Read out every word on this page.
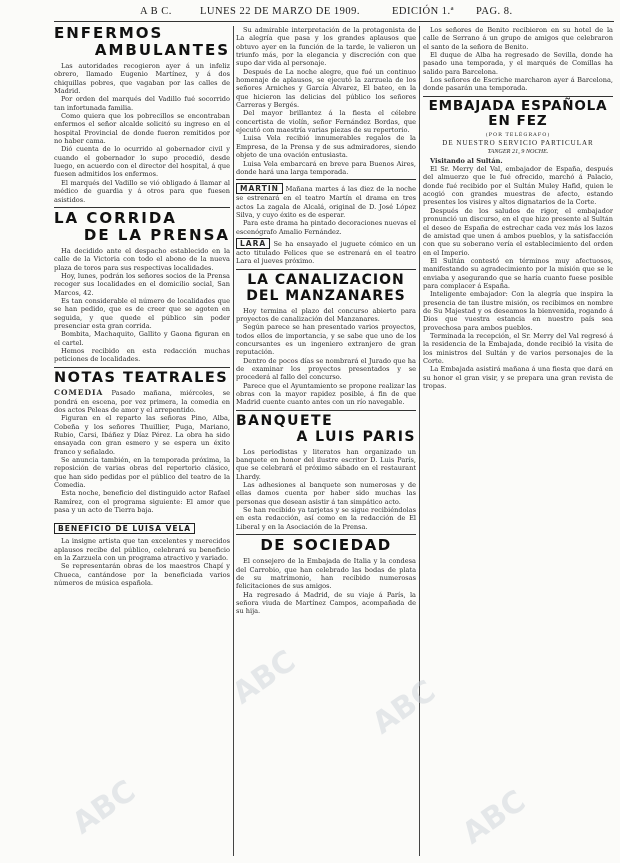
A B C.	LUNES 22 DE MARZO DE 1909.	EDICIÓN 1.ª PAG. 8.
ENFERMOS
AMBULANTES

Las autoridades recogieron ayer á un infeliz obrero, llamado Eugenio Martínez, y á dos chiquillas pobres, que vagaban por las calles de Madrid.

Por orden del marqués del Vadillo fué socorrido tan infortunada familia.

Como quiera que los pobrecillos se encontraban enfermos el señor alcalde solicitó su ingreso en el hospital Provincial de donde fueron remitidos por no haber cama.

Dió cuenta de lo ocurrido al gobernador civil y cuando el gobernador lo supo procedió, desde luego, en acuerdo con el director del hospital, á que fuesen admitidos los enfermos.

El marqués del Vadillo se vió obligado á llamar al médico de guardia y á otros para que fuesen asistidos.

LA CORRIDA
DE LA PRENSA

Ha decidido ante el despacho establecido en la calle de la Victoria con todo el abono de la nueva plaza de toros para sus respectivas localidades.

Hoy, lunes, podrán los señores socios de la Prensa recoger sus localidades en el domicilio social, San Marcos, 42.

Es tan considerable el número de localidades que se han pedido, que es de creer que se agoten en seguida, y que quede el público sin poder presenciar esta gran corrida.

Bombita, Machaquito, Gallito y Gaona figuran en el cartel.

Hemos recibido en esta redacción muchas peticiones de localidades.

NOTAS TEATRALES

COMEDIA Pasado mañana, miércoles, se pondrá en escena, por vez primera, la comedia en dos actos Peleas de amor y el arrepentido.

Figuran en el reparto las señoras Pino, Alba, Cobeña y los señores Thuillier, Puga, Mariano, Rubio, Carsi, Ibáñez y Díaz Pérez. La obra ha sido ensayada con gran esmero y se espera un éxito franco y señalado.

Se anuncia también, en la temporada próxima, la reposición de varias obras del repertorio clásico, que han sido pedidas por el público del teatro de la Comedia.

Esta noche, beneficio del distinguido actor Rafael Ramírez, con el programa siguiente: El amor que pasa y un acto de Tierra baja.

BENEFICIO DE LUISA VELA

La insigne artista que tan excelentes y merecidos aplausos recibe del público, celebrará su beneficio en la Zarzuela con un programa atractivo y variado.

Se representarán obras de los maestros Chapí y Chueca, cantándose por la beneficiada varios números de música española.

Su admirable interpretación de la protagonista de La alegría que pasa y los grandes aplausos que obtuvo ayer en la función de la tarde, le valieron un triunfo más, por la elegancia y discreción con que supo dar vida al personaje.

Después de La noche alegre, que fué un continuo homenaje de aplausos, se ejecutó la zarzuela de los señores Arniches y García Álvarez, El bateo, en la que hicieron las delicias del público los señores Carreras y Bergés.

Del mayor brillantez á la fiesta el célebre concertista de violín, señor Fernández Bordas, que ejecutó con maestría varias piezas de su repertorio.

Luisa Vela recibió innumerables regalos de la Empresa, de la Prensa y de sus admiradores, siendo objeto de una ovación entusiasta.

Luisa Vela embarcará en breve para Buenos Aires, donde hará una larga temporada.

MARTIN Mañana martes á las diez de la noche se estrenará en el teatro Martín el drama en tres actos La zagala de Alcalá, original de D. José López Silva, y cuyo éxito es de esperar.

Para este drama ha pintado decoraciones nuevas el escenógrafo Amalio Fernández.

LARA Se ha ensayado el juguete cómico en un acto titulado Felices que se estrenará en el teatro Lara el jueves próximo.

LA CANALIZACION
DEL MANZANARES

Hoy termina el plazo del concurso abierto para proyectos de canalización del Manzanares.

Según parece se han presentado varios proyectos, todos ellos de importancia, y se sabe que uno de los concursantes es un ingeniero extranjero de gran reputación.

Dentro de pocos días se nombrará el Jurado que ha de examinar los proyectos presentados y se procederá al fallo del concurso.

Parece que el Ayuntamiento se propone realizar las obras con la mayor rapidez posible, á fin de que Madrid cuente cuanto antes con un río navegable.

BANQUETE
A LUIS PARIS

Los periodistas y literatos han organizado un banquete en honor del ilustre escritor D. Luis París, que se celebrará el próximo sábado en el restaurant Lhardy.

Las adhesiones al banquete son numerosas y de ellas damos cuenta por haber sido muchas las personas que desean asistir á tan simpático acto.

Se han recibido ya tarjetas y se sigue recibiéndolas en esta redacción, así como en la redacción de El Liberal y en la Asociación de la Prensa.

DE SOCIEDAD

El consejero de la Embajada de Italia y la condesa del Carrobio, que han celebrado las bodas de plata de su matrimonio, han recibido numerosas felicitaciones de sus amigos.

Ha regresado á Madrid, de su viaje á París, la señora viuda de Martínez Campos, acompañada de su hija.

Los señores de Benito recibieron en su hotel de la calle de Serrano á un grupo de amigos que celebraron el santo de la señora de Benito.

El duque de Alba ha regresado de Sevilla, donde ha pasado una temporada, y el marqués de Comillas ha salido para Barcelona.

Los señores de Escriche marcharon ayer á Barcelona, donde pasarán una temporada.

EMBAJADA ESPAÑOLA
EN FEZ
(POR TELÉGRAFO)
DE NUESTRO SERVICIO PARTICULAR
TANGER 21, 9 NOCHE.

Visitando al Sultán.

El Sr. Merry del Val, embajador de España, después del almuerzo que le fué ofrecido, marchó á Palacio, donde fué recibido por el Sultán Muley Hafid, quien le acogió con grandes muestras de afecto, estando presentes los visires y altos dignatarios de la Corte.

Después de los saludos de rigor, el embajador pronunció un discurso, en el que hizo presente al Sultán el deseo de España de estrechar cada vez más los lazos de amistad que unen á ambos pueblos, y la satisfacción con que su soberano vería el establecimiento del orden en el Imperio.

El Sultán contestó en términos muy afectuosos, manifestando su agradecimiento por la misión que se le enviaba y asegurando que se haría cuanto fuese posible para complacer á España.

Inteligente embajador: Con la alegría que inspira la presencia de tan ilustre misión, os recibimos en nombre de Su Majestad y os deseamos la bienvenida, rogando á Dios que vuestra estancia en nuestro país sea provechosa para ambos pueblos.

Terminada la recepción, el Sr. Merry del Val regresó á la residencia de la Embajada, donde recibió la visita de los ministros del Sultán y de varios personajes de la Corte.

La Embajada asistirá mañana á una fiesta que dará en su honor el gran visir, y se prepara una gran revista de tropas.

ABC ABC
ABC	ABC
